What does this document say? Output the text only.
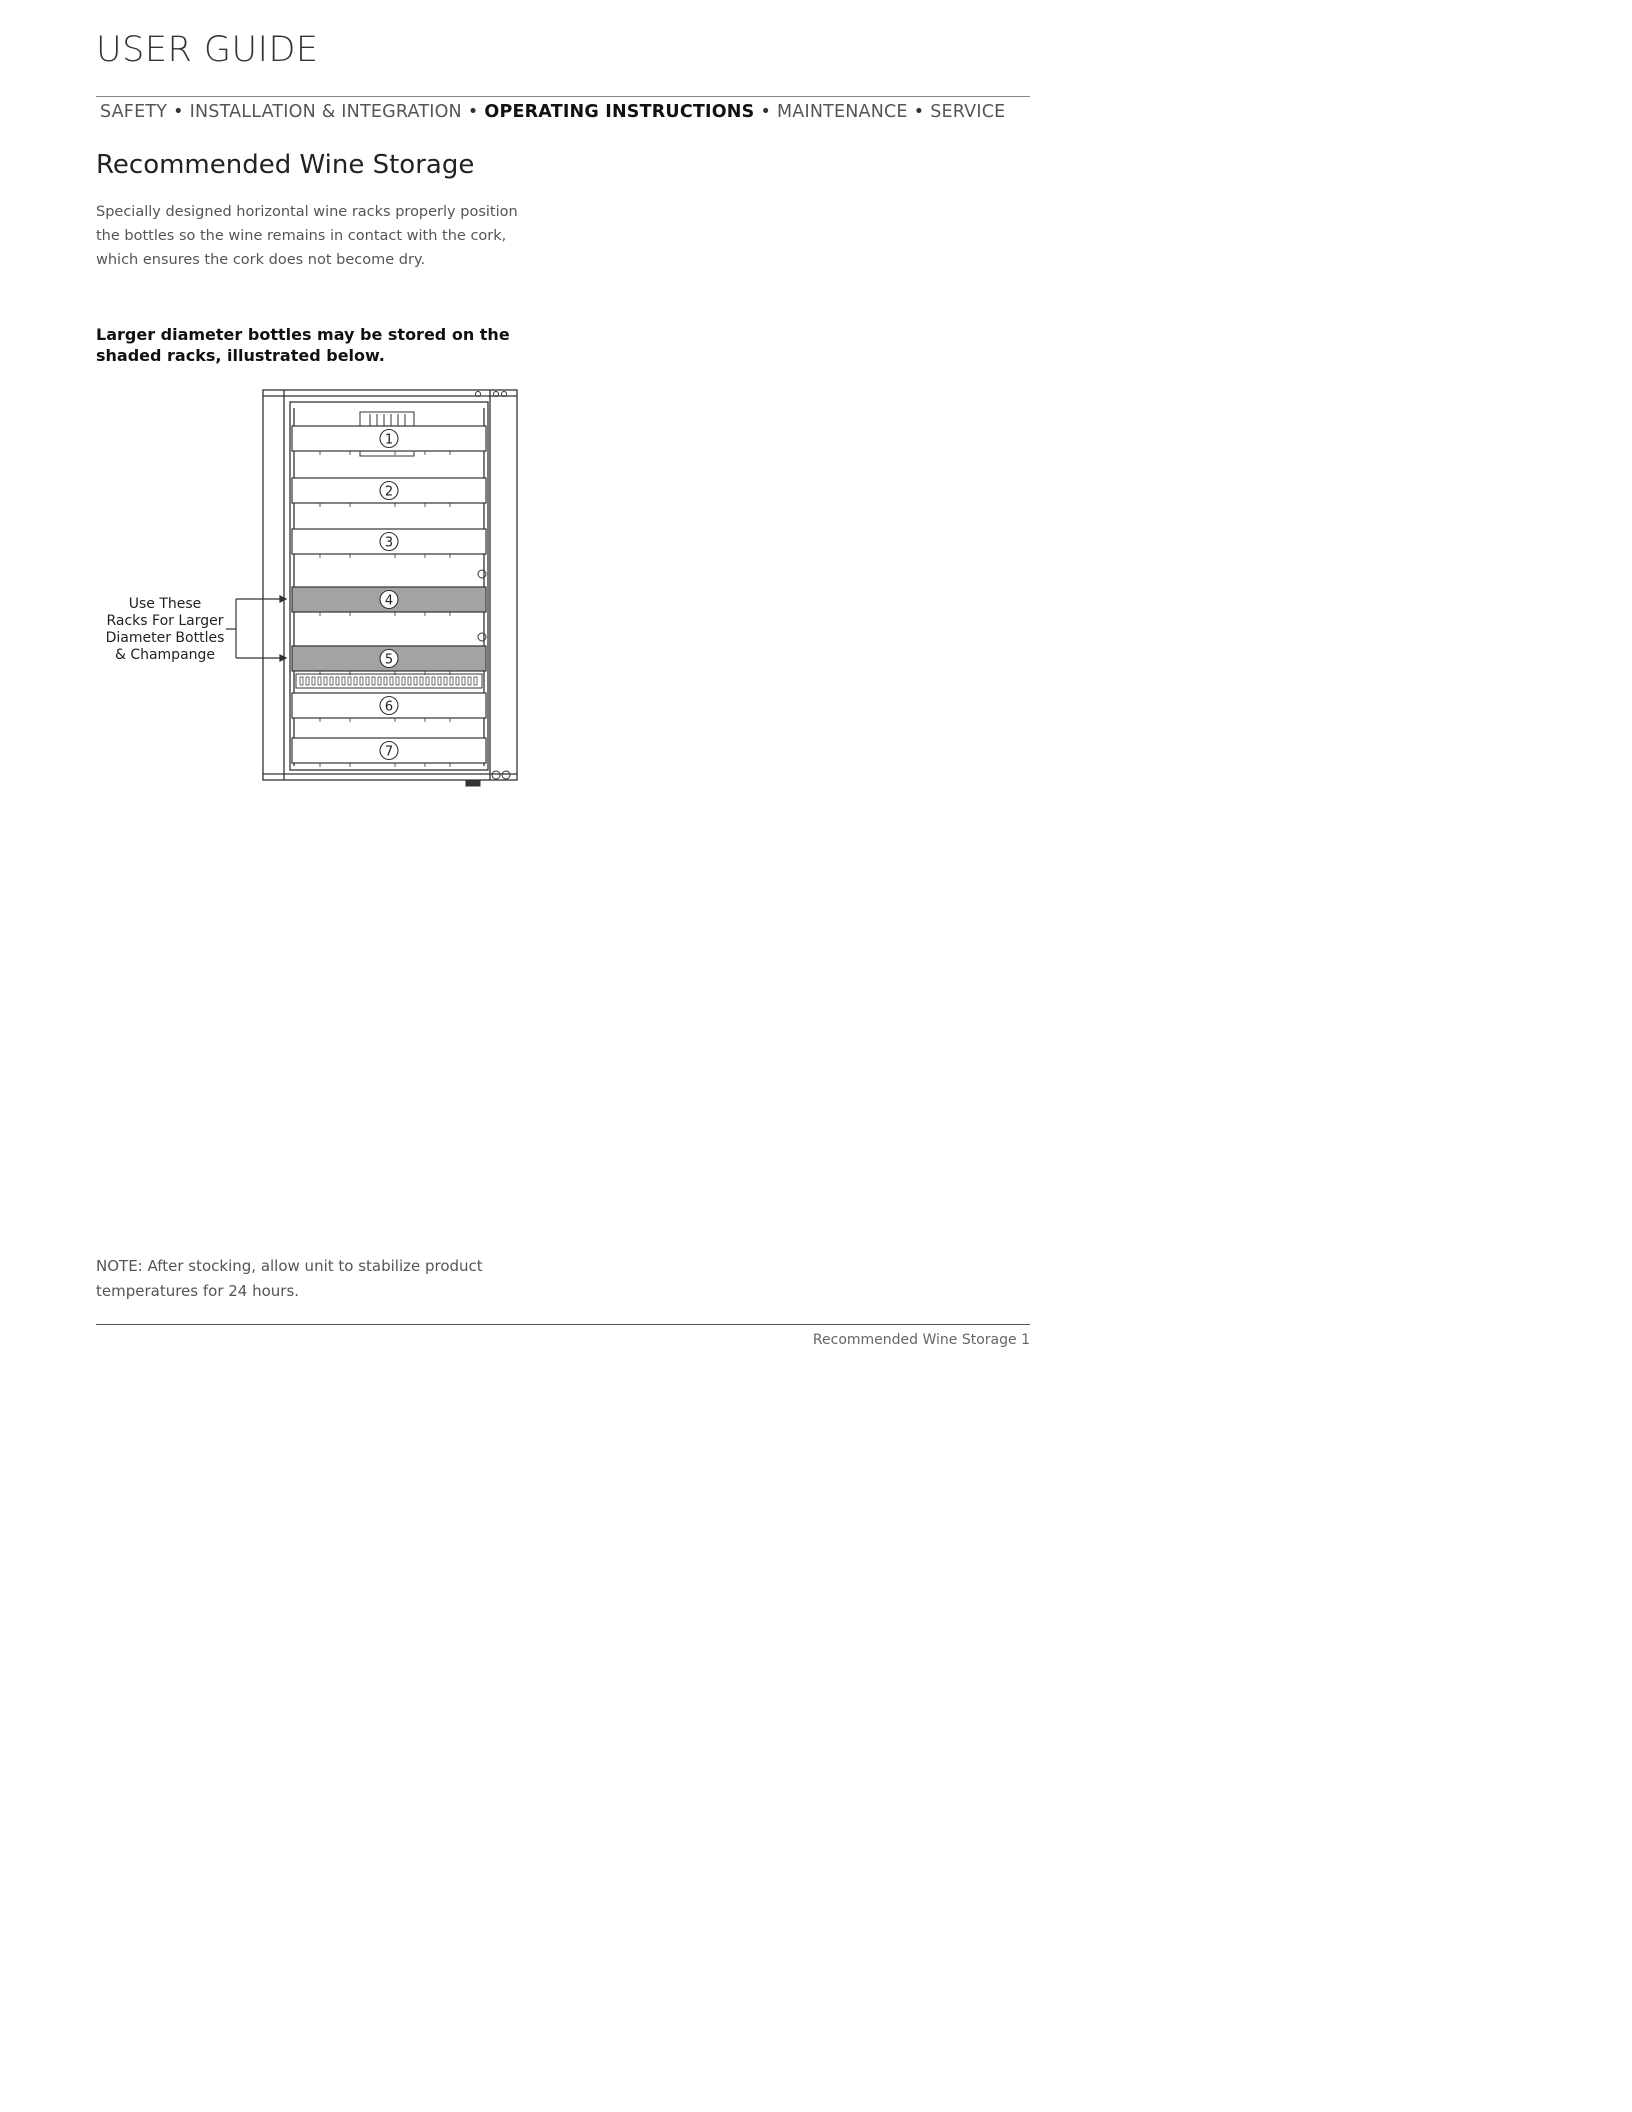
USER GUIDE
SAFETY • INSTALLATION & INTEGRATION • OPERATING INSTRUCTIONS • MAINTENANCE • SERVICE
Recommended Wine Storage
Specially designed horizontal wine racks properly position
the bottles so the wine remains in contact with the cork,
which ensures the cork does not become dry.
Larger diameter bottles may be stored on the
shaded racks, illustrated below.
Use These
Racks For Larger
Diameter Bottles
& Champange
1
2
3
4
5
6
7
NOTE: After stocking, allow unit to stabilize product
temperatures for 24 hours.
Recommended Wine Storage 1
